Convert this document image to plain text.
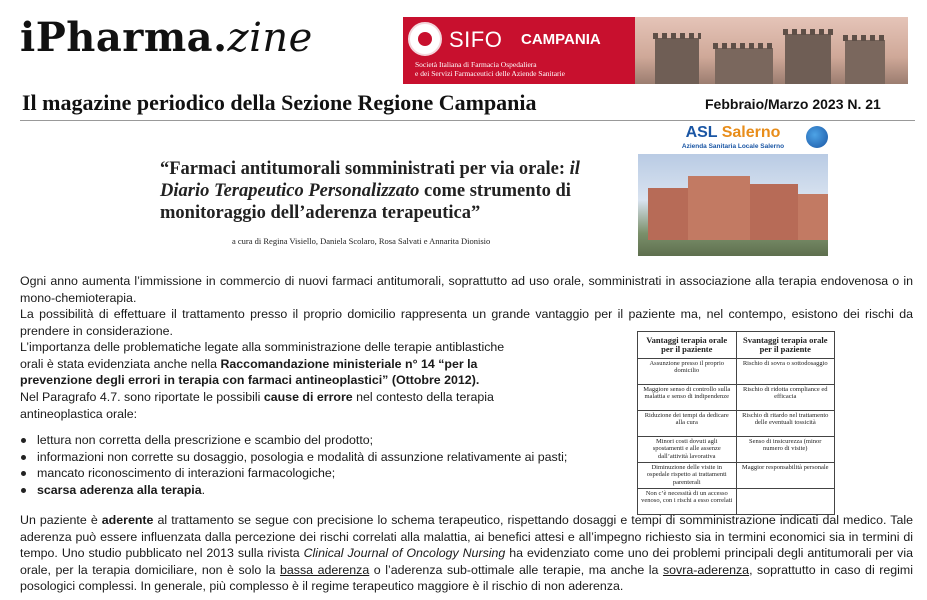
iPharma.zine
Il magazine periodico della Sezione Regione Campania	Febbraio/Marzo 2023 N. 21
SIFO CAMPANIA
Società Italiana di Farmacia Ospedaliera
e dei Servizi Farmaceutici delle Aziende Sanitarie
“Farmaci antitumorali somministrati per via orale: il Diario Terapeutico Personalizzato come strumento di monitoraggio dell’aderenza terapeutica”
a cura di Regina Visiello, Daniela Scolaro, Rosa Salvati e Annarita Dionisio
ASL Salerno
Azienda Sanitaria Locale Salerno
Ogni anno aumenta l’immissione in commercio di nuovi farmaci antitumorali, soprattutto ad uso orale, somministrati in associazione alla terapia endovenosa o in mono-chemioterapia.
La possibilità di effettuare il trattamento presso il proprio domicilio rappresenta un grande vantaggio per il paziente ma, nel contempo, esistono dei rischi da prendere in considerazione.
L’importanza delle problematiche legate alla somministrazione delle terapie antiblastiche orali è stata evidenziata anche nella Raccomandazione ministeriale n° 14 “per la prevenzione degli errori in terapia con farmaci antineoplastici” (Ottobre 2012).
Nel Paragrafo 4.7. sono riportate le possibili cause di errore nel contesto della terapia antineoplastica orale:
lettura non corretta della prescrizione e scambio del prodotto;
informazioni non corrette su dosaggio, posologia e modalità di assunzione relativamente ai pasti;
mancato riconoscimento di interazioni farmacologiche;
scarsa aderenza alla terapia.
Un paziente è aderente al trattamento se segue con precisione lo schema terapeutico, rispettando dosaggi e tempi di somministrazione indicati dal medico. Tale aderenza può essere influenzata dalla percezione dei rischi correlati alla malattia, ai benefici attesi e all’impegno richiesto sia in termini economici sia in termini di tempo. Uno studio pubblicato nel 2013 sulla rivista Clinical Journal of Oncology Nursing ha evidenziato come uno dei problemi principali degli antitumorali per via orale, per la terapia domiciliare, non è solo la bassa aderenza o l’aderenza sub-ottimale alle terapie, ma anche la sovra-aderenza, soprattutto in caso di regimi posologici complessi. In generale, più complesso è il regime terapeutico maggiore è il rischio di non aderenza.
Vantaggi terapia orale per il paziente	Svantaggi terapia orale per il paziente
Assunzione presso il proprio domicilio	Rischio di sovra o sottodosaggio
Maggiore senso di controllo sulla malattia e senso di indipendenze	Rischio di ridotta compliance ed efficacia
Riduzione dei tempi da dedicare alla cura	Rischio di ritardo nel trattamento delle eventuali tossicità
Minori costi dovuti agli spostamenti e alle assenze dall’attività lavorativa	Senso di insicurezza (minor numero di visite)
Diminuzione delle visite in ospedale rispetto ai trattamenti parenterali	Maggior responsabilità personale
Non c’è necessità di un accesso venoso, con i rischi a esso correlati	
